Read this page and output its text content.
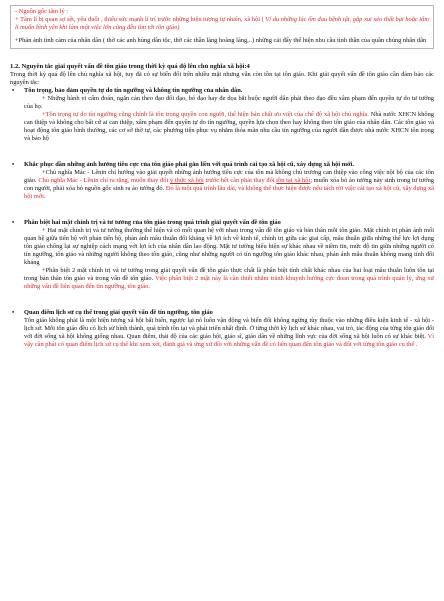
- Nguồn gốc tâm lý :

+ Tâm lí bị quan sợ sệt, yếu đuối , thiếu sức mạnh lí trí trước những hiện tượng tự nhiên, xã hội ( Ví dụ những lúc ốm đau bệnh tật, gặp xui xẻo thất bại hoặc tâm lí muốn bình yên khi làm một việc lớn cũng đều tìm tới tôn giáo)

+Phản ánh tình cảm của nhân dân ( thờ các anh hùng dân tộc, thờ các thần làng hoàng làng,..) những cái đấy thể hiện nhu cầu tình thần của quần chúng nhân dân

1.2. Nguyên tắc giải quyết vấn đề tôn giáo trong thời kỳ quá độ lên chủ nghĩa xã hội:4

Trong thời kỳ quá độ lên chủ nghĩa xã hội, tuy đã có sự biến đổi trên nhiều mặt nhưng vẫn còn tồn tại tôn giáo. Khi giải quyết vấn đề tôn giáo cần đảm bảo các nguyên tắc:

• Tôn trọng, bảo đảm quyền tự do tín ngưỡng và không tín ngưỡng của nhân dân.

+ Những hành vi cấm đoán, ngăn cản theo đạo đổi đạo, bỏ đạo hay đe dọa bắt buộc người dân phải theo đạo đều xâm phạm đến quyền tự do tư tưởng của họ.

+Tôn trọng tự do tín ngưỡng cũng chính là tôn trọng quyền con người, thể hiện bản chất ưu việt của chế độ xã hội chủ nghĩa. Nhà nước XHCN không can thiệp và không cho bất cứ ai can thiệp, xâm phạm đến quyền tự do tín ngưỡng, quyền lựa chọn theo hay không theo tôn giáo của nhân dân. Các tôn giáo và hoạt động tôn giáo bình thường, các cơ sở thờ tự, các phương tiện phục vụ nhằm thỏa mãn nhu cầu tín ngưỡng của người dân được nhà nước XHCN tôn trọng và bảo hộ

• Khắc phục dần những ảnh hưởng tiêu cực của tôn giáo phải gắn liền với quá trình cải tạo xã hội cũ, xây dựng xã hội mới.

+Chủ nghĩa Mác - Lênin chỉ hướng vào giải quyết những ảnh hưởng tiêu cực của tôn mà không chủ trương can thiệp vào công việc nội bộ của các tôn giáo. Chủ nghĩa Mác - Lênin chỉ ra rằng, muốn thay đổi ý thức xã hội trước hết cần phải thay đổi tồn tại xã hội; muốn xóa bỏ ảo tưởng này sinh trong tư tưởng con người, phải xóa bỏ nguồn gốc sinh ra ảo tưởng đó. Đó là một quá trình lâu dài, và không thể thực hiện được nếu tách rời việc cải tạo xã hội cũ, xây dựng xã hội mới.

• Phân biệt hai mặt chính trị và tư tưởng của tôn giáo trong quá trình giải quyết vấn đề tôn giáo

+ Hai mặt chính trị và tư tưởng thường thể hiện và có mối quan hệ với nhau trong vấn đề tôn giáo và bản thân mỗi tôn giáo. Mặt chính trị phản ánh mối quan hệ giữa tiến bộ với phản tiến bộ, phản ánh mâu thuẫn đối kháng về lợi ích về kinh tế, chính trị giữa các giai cấp, mâu thuẫn giữa những thế lực lợi dụng tôn giáo chống lại sự nghiệp cách mạng với lợi ích của nhân dân lao động. Mặt tư tưởng biểu hiện sự khác nhau về niềm tin, mức độ tin giữa những người có tín ngưỡng, tôn giáo và những người không theo tôn giáo, cũng như những người có tín ngưỡng tôn giáo khác nhau, phản ánh mâu thuẫn không mang tính đối kháng

+Phân biệt 2 mặt chính trị và tư tưởng trong giải quyết vấn đề tôn giáo thực chất là phân biệt tính chất khác nhau của hai loại mâu thuẫn luôn tồn tại trong bản thân tôn giáo và trong vấn đề tôn giáo. Việc phân biệt 2 mặt này là cần thiết nhằm tránh khuynh hướng cực đoan trong quá trình quản lý, ứng xử những vấn đề liên quan đến tín ngưỡng, tôn giáo.

• Quan điểm lịch sử cụ thể trong giải quyết vấn đề tín ngưỡng, tôn giáo

Tôn giáo không phải là một hiện tượng xã hội bất biến, ngược lại nó luôn vận động và biến đổi không ngừng tùy thuộc vào những điều kiện kinh tế - xã hội - lịch sử. Mỗi tôn giáo đều có lịch sử hình thành, quá trình tồn tại và phát triển nhất định. Ở từng thời kỳ lịch sử khác nhau, vai trò, tác động của từng tôn giáo đối với đời sống xã hội không giống nhau. Quan điểm, thái độ của các giáo hội, giáo sĩ, giáo dân về những lĩnh vực của đời sống xã hội luôn có sự khác biệt. Vì vậy cần phải có quan điểm lịch sử cụ thể khi xem xét, đánh giá và ứng xử đối với những vấn đề có liên quan đến tôn giáo và đối với từng tôn giáo cụ thể .
